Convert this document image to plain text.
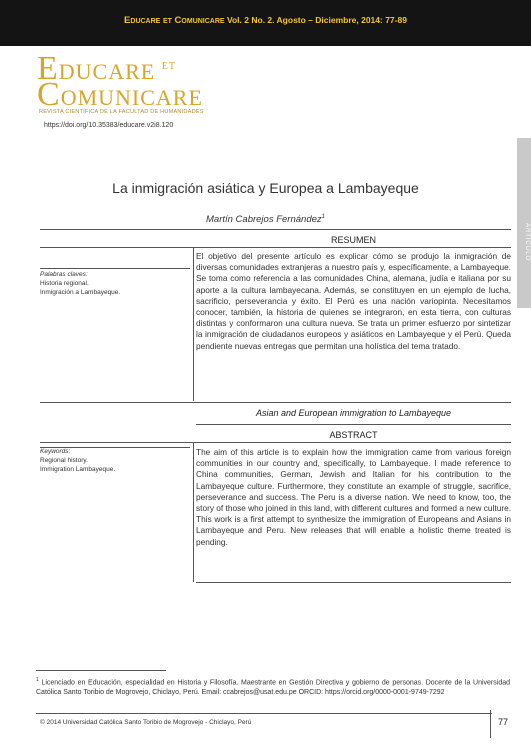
Educare et Comunicare Vol. 2 No. 2. Agosto – Diciembre, 2014: 77-89
EDUCARE $^{ET}$
COMUNICARE
REVISTA CIENTÍFICA DE LA FACULTAD DE HUMANIDADES
https://doi.org/10.35383/educare.v2i8.120
ARTÍCULO
La inmigración asiática y Europea a Lambayeque
Martín Cabrejos Fernández$^1$
RESUMEN
Palabras claves:
Historia regional.
Inmigración a Lambayeque.

El objetivo del presente artículo es explicar cómo se produjo la inmigración de diversas comunidades extranjeras a nuestro país y, específicamente, a Lambayeque. Se toma como referencia a las comunidades China, alemana, judía e italiana por su aporte a la cultura lambayecana. Además, se constituyen en un ejemplo de lucha, sacrificio, perseverancia y éxito. El Perú es una nación variopinta. Necesitamos conocer, también, la historia de quienes se integraron, en esta tierra, con culturas distintas y conformaron una cultura nueva. Se trata un primer esfuerzo por sintetizar la inmigración de ciudadanos europeos y asiáticos en Lambayeque y el Perú. Queda pendiente nuevas entregas que permitan una holística del tema tratado.

Asian and European immigration to Lambayeque
ABSTRACT
Keywords:
Regional history.
Immigration Lambayeque.

The aim of this article is to explain how the immigration came from various foreign communities in our country and, specifically, to Lambayeque. I made reference to China communities, German, Jewish and Italian for his contribution to the Lambayeque culture. Furthermore, they constitute an example of struggle, sacrifice, perseverance and success. The Peru is a diverse nation. We need to know, too, the story of those who joined in this land, with different cultures and formed a new culture. This work is a first attempt to synthesize the immigration of Europeans and Asians in Lambayeque and Peru. New releases that will enable a holistic theme treated is pending.

$^1$ Licenciado en Educación, especialidad en Historia y Filosofía. Maestrante en Gestión Directiva y gobierno de personas. Docente de la Universidad Católica Santo Toribio de Mogrovejo, Chiclayo, Perú. Email: ccabrejos@usat.edu.pe ORCID: https://orcid.org/0000-0001-9749-7292

© 2014 Universidad Católica Santo Toribio de Mogrovejo - Chiclayo, Perú	77
